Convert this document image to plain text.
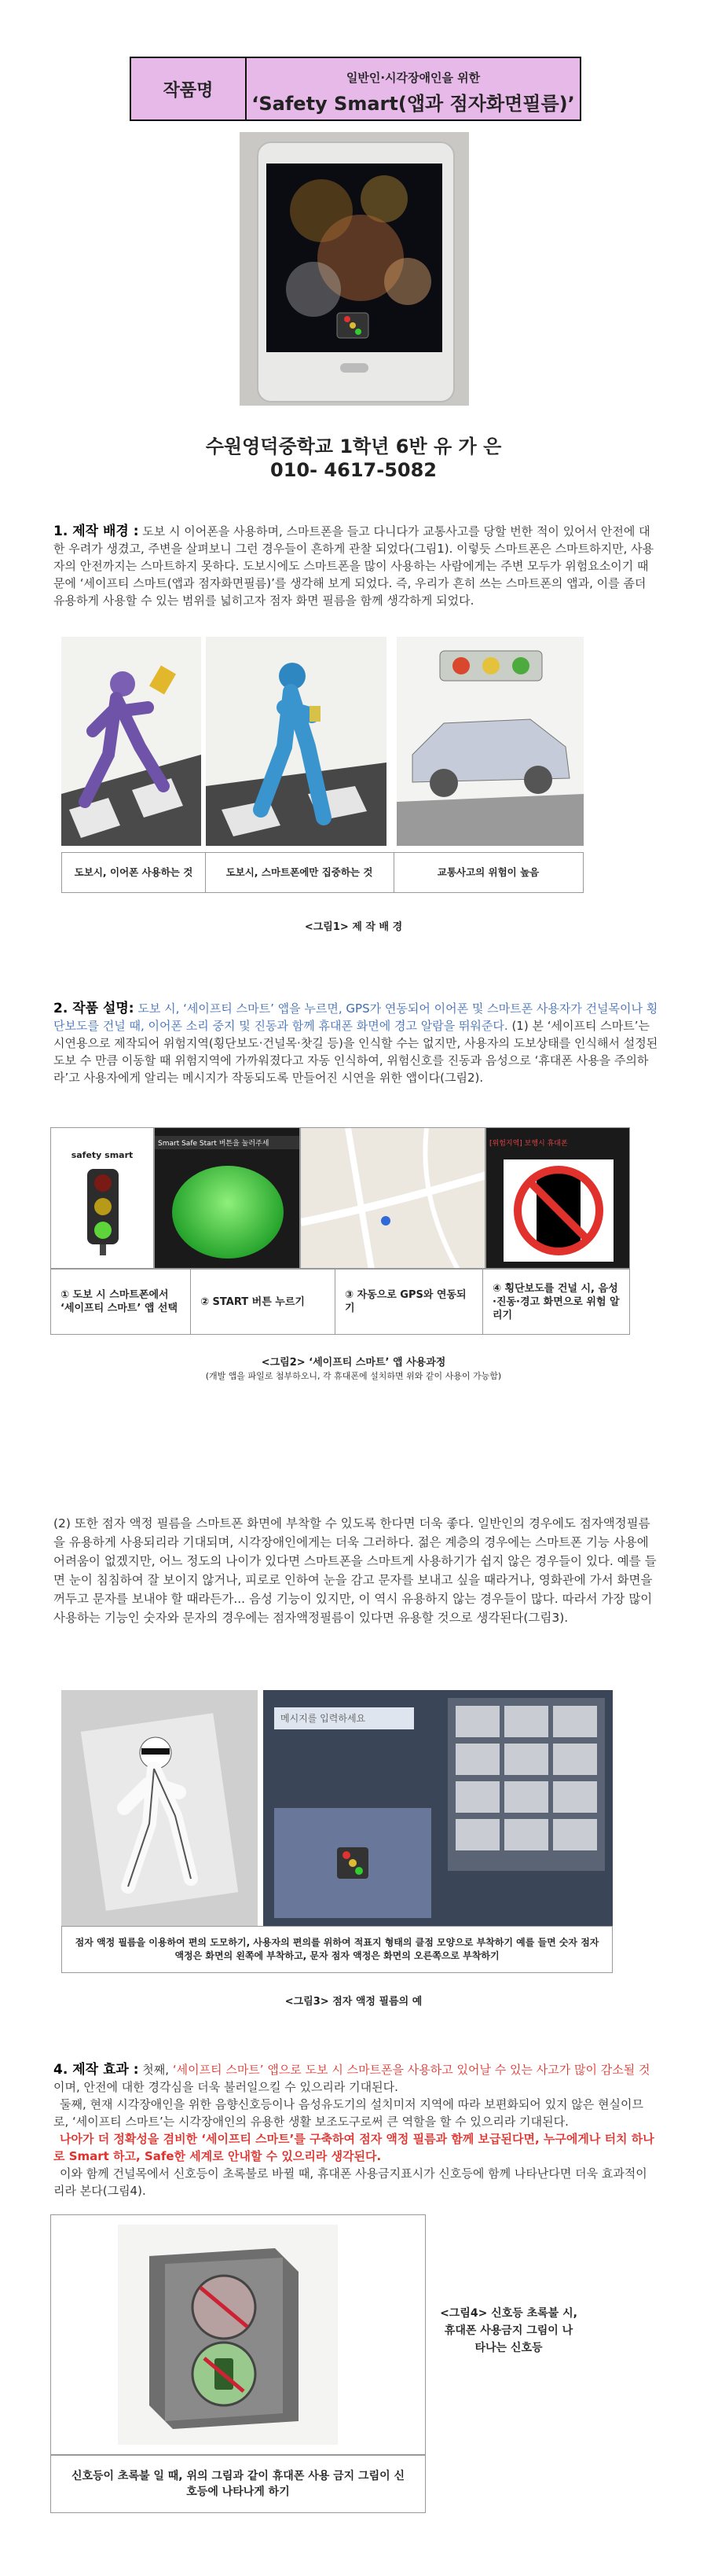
작품명
일반인·시각장애인을 위한
‘Safety Smart(앱과 점자화면필름)’
수원영덕중학교 1학년 6반 유 가 은
010- 4617-5082
1. 제작 배경 : 도보 시 이어폰을 사용하며, 스마트폰을 들고 다니다가 교통사고를 당할 번한 적이 있어서 안전에 대한 우려가 생겼고, 주변을 살펴보니 그런 경우들이 흔하게 관찰 되었다(그림1). 이렇듯 스마트폰은 스마트하지만, 사용자의 안전까지는 스마트하지 못하다. 도보시에도 스마트폰을 많이 사용하는 사람에게는 주변 모두가 위험요소이기 때문에 ‘세이프티 스마트(앱과 점자화면필름)’를 생각해 보게 되었다. 즉, 우리가 흔히 쓰는 스마트폰의 앱과, 이를 좀더 유용하게 사용할 수 있는 범위를 넓히고자 점자 화면 필름을 함께 생각하게 되었다.
도보시, 이어폰 사용하는 것	도보시, 스마트폰에만 집중하는 것	교통사고의 위험이 높음
<그림1> 제 작 배 경
2. 작품 설명: 도보 시, ‘세이프티 스마트’ 앱을 누르면, GPS가 연동되어 이어폰 및 스마트폰 사용자가 건널목이나 횡단보도를 건널 때, 이어폰 소리 중지 및 진동과 함께 휴대폰 화면에 경고 알람을 뛰워준다. (1) 본 ‘세이프티 스마트’는 시연용으로 제작되어 위험지역(횡단보도·건널목·찻길 등)을 인식할 수는 없지만, 사용자의 도보상태를 인식해서 설정된 도보 수 만큼 이동할 때 위험지역에 가까워졌다고 자동 인식하여, 위험신호를 진동과 음성으로 ‘휴대폰 사용을 주의하라’고 사용자에게 알리는 메시지가 작동되도록 만들어진 시연을 위한 앱이다(그림2).
safety smart
Smart Safe Start 버튼을 눌러주세	[위험지역] 보행시 휴대폰
① 도보 시 스마트폰에서 ‘세이프티 스마트’ 앱 선택
② START 버튼 누르기
③ 자동으로 GPS와 연동되기
④ 횡단보도를 건널 시, 음성·진동·경고 화면으로 위험 알리기
<그림2> ‘세이프티 스마트’ 앱 사용과정
(개발 앱을 파일로 첨부하오니, 각 휴대폰에 설치하면 위와 같이 사용이 가능함)
(2) 또한 점자 액정 필름을 스마트폰 화면에 부착할 수 있도록 한다면 더욱 좋다. 일반인의 경우에도 점자액정필름을 유용하게 사용되리라 기대되며, 시각장애인에게는 더욱 그러하다. 젊은 계층의 경우에는 스마트폰 기능 사용에 어려움이 없겠지만, 어느 정도의 나이가 있다면 스마트폰을 스마트게 사용하기가 쉽지 않은 경우들이 있다. 예를 들면 눈이 침침하여 잘 보이지 않거나, 피로로 인하여 눈을 감고 문자를 보내고 싶을 때라거나, 영화관에 가서 화면을 꺼두고 문자를 보내야 할 때라든가... 음성 기능이 있지만, 이 역시 유용하지 않는 경우들이 많다. 따라서 가장 많이 사용하는 기능인 숫자와 문자의 경우에는 점자액정필름이 있다면 유용할 것으로 생각된다(그림3).
메시지를 입력하세요
점자 액정 필름을 이용하여 편의 도모하기, 사용자의 편의를 위하여 적표지 형태의 클점 모양으로 부착하기 예를 들면 숫자 점자 액정은 화면의 왼쪽에 부착하고, 문자 점자 액정은 화면의 오른쪽으로 부착하기
<그림3> 점자 액정 필름의 예
4. 제작 효과 : 첫째, ‘세이프티 스마트’ 앱으로 도보 시 스마트폰을 사용하고 있어날 수 있는 사고가 많이 감소될 것이며, 안전에 대한 경각심을 더욱 불러일으킬 수 있으리라 기대된다.
둘째, 현재 시각장애인을 위한 음향신호등이나 음성유도기의 설치미저 지역에 따라 보편화되어 있지 않은 현실이므로, ‘세이프티 스마트’는 시각장애인의 유용한 생활 보조도구로써 큰 역할을 할 수 있으리라 기대된다.
나아가 더 정확성을 겸비한 ‘세이프티 스마트’를 구축하여 점자 액정 필름과 함께 보급된다면, 누구에게나 터치 하나로 Smart 하고, Safe한 세계로 안내할 수 있으리라 생각된다.
이와 함께 건널목에서 신호등이 초록불로 바뀔 때, 휴대폰 사용금지표시가 신호등에 함께 나타난다면 더욱 효과적이리라 본다(그림4).
신호등이 초록불 일 때, 위의 그림과 같이 휴대폰 사용 금지 그림이 신호등에 나타나게 하기
<그림4> 신호등 초록불 시, 휴대폰 사용금지 그림이 나타나는 신호등
